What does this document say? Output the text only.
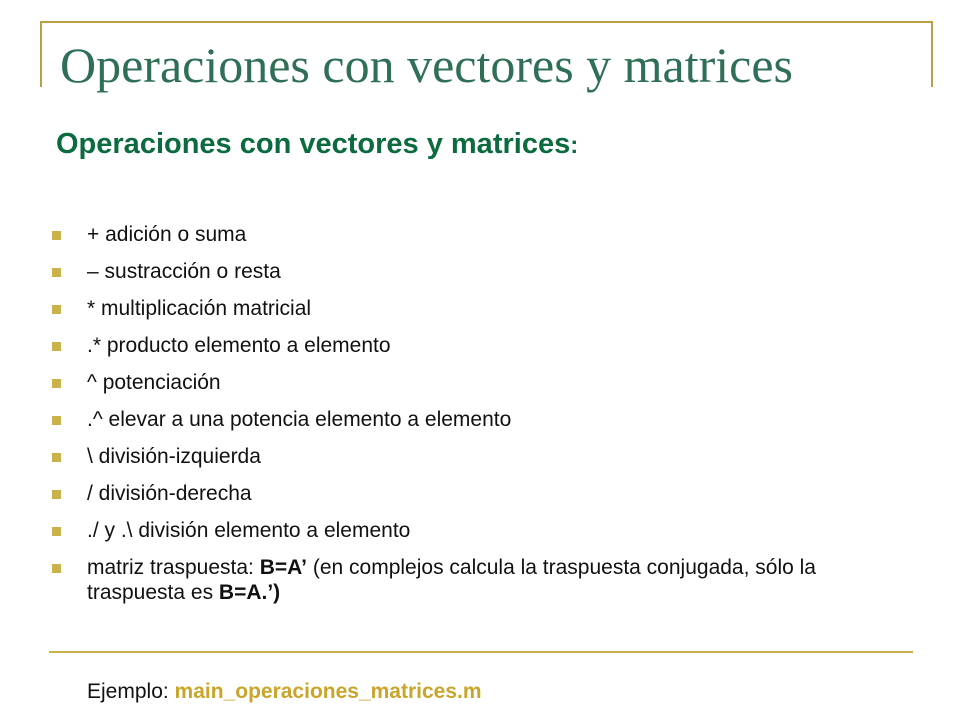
Operaciones con vectores y matrices
Operaciones con vectores y matrices:
+ adición o suma
– sustracción o resta
* multiplicación matricial
.* producto elemento a elemento
^ potenciación
.^ elevar a una potencia elemento a elemento
\ división-izquierda
/ división-derecha
./ y .\ división elemento a elemento
matriz traspuesta: B=A’ (en complejos calcula la traspuesta conjugada, sólo la traspuesta es B=A.’)
Ejemplo: main_operaciones_matrices.m
